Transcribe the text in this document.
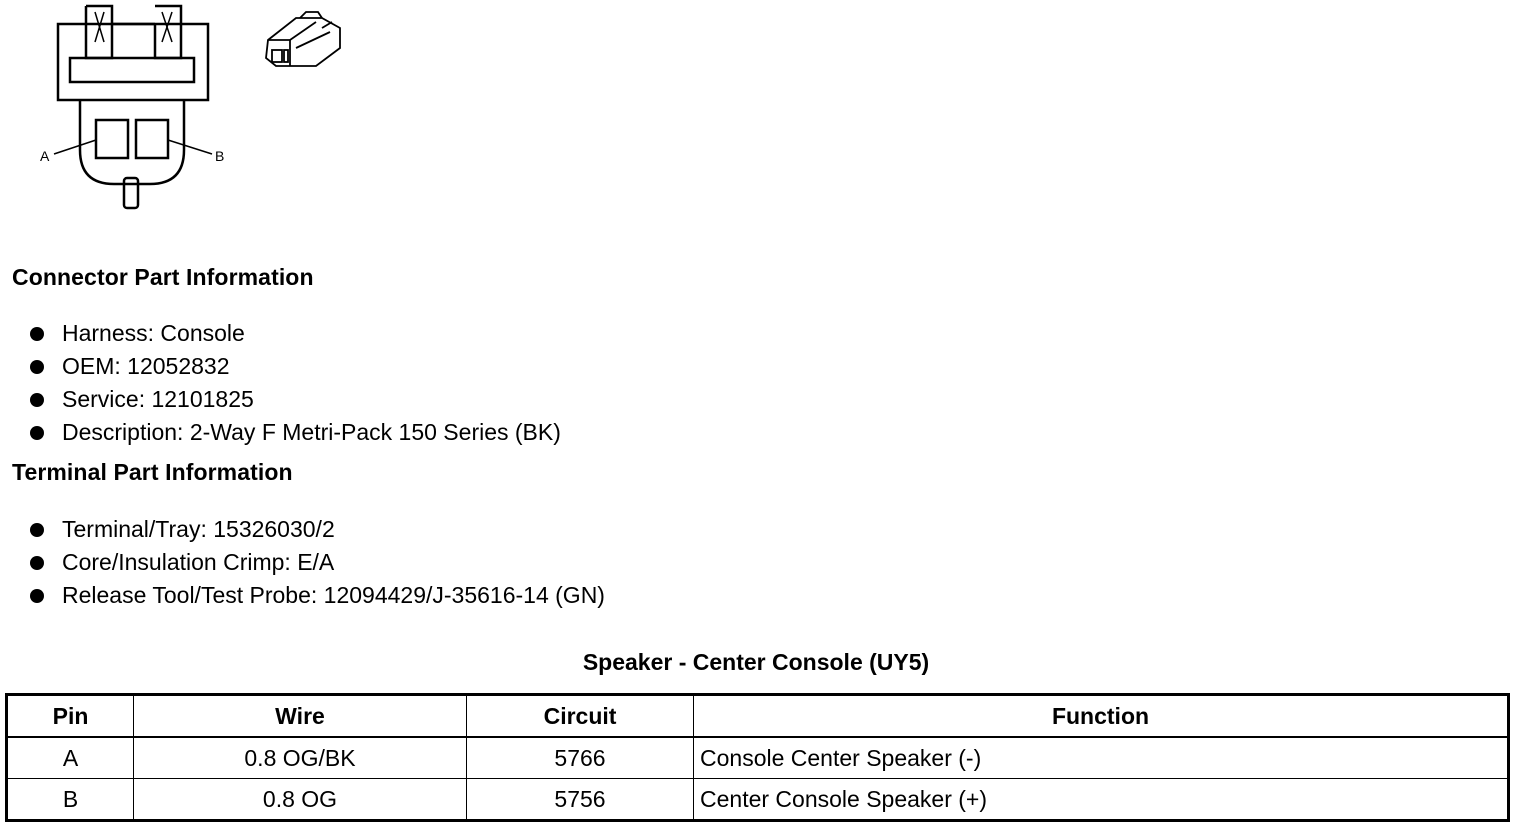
A	B
Connector Part Information
Harness: Console
OEM: 12052832
Service: 12101825
Description: 2-Way F Metri-Pack 150 Series (BK)
Terminal Part Information
Terminal/Tray: 15326030/2
Core/Insulation Crimp: E/A
Release Tool/Test Probe: 12094429/J-35616-14 (GN)
Speaker - Center Console (UY5)
Pin	Wire	Circuit	Function
A	0.8 OG/BK	5766	Console Center Speaker (-)
B	0.8 OG	5756	Center Console Speaker (+)
